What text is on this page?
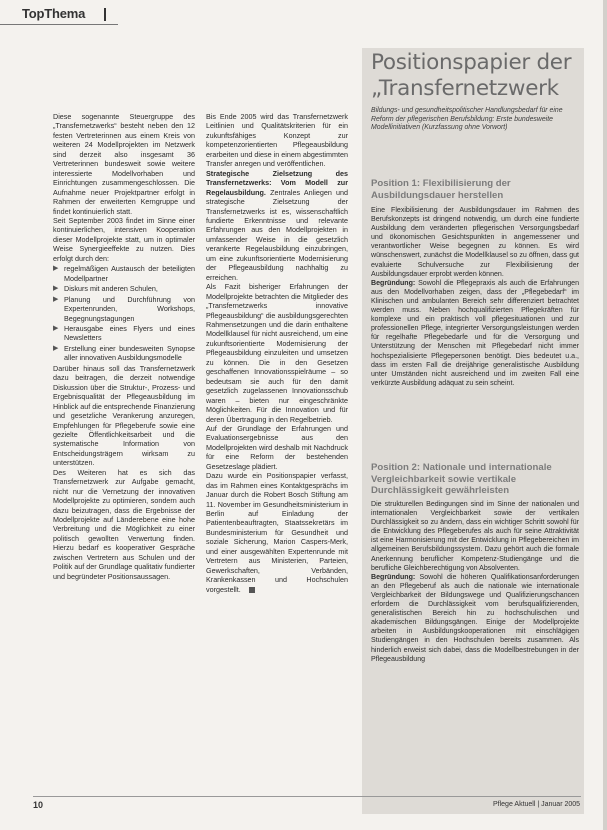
TopThema

Diese sogenannte Steuergruppe des „Transfernetzwerks“ besteht neben den 12 festen Vertreterinnen aus einem Kreis von weiteren 24 Modellprojekten im Netzwerk sind derzeit also insgesamt 36 Vertreterinnen bundesweit sowie weitere interessierte Modellvorhaben und Einrichtungen zusammengeschlossen. Die Aufnahme neuer Projektpartner erfolgt in Rahmen der erweiterten Kerngruppe und findet kontinuierlich statt.

Seit September 2003 findet im Sinne einer kontinuierlichen, intensiven Kooperation dieser Modellprojekte statt, um in optimaler Weise Synergieeffekte zu nutzen. Dies erfolgt durch den:

▶ regelmäßigen Austausch der beteiligten Modellpartner
▶ Diskurs mit anderen Schulen,
▶ Planung und Durchführung von Expertenrunden, Workshops, Begegnungstagungen
▶ Herausgabe eines Flyers und eines Newsletters
▶ Erstellung einer bundesweiten Synopse aller innovativen Ausbildungsmodelle

Darüber hinaus soll das Transfernetzwerk dazu beitragen, die derzeit notwendige Diskussion über die Struktur-, Prozess- und Ergebnisqualität der Pflegeausbildung im Hinblick auf die entsprechende Finanzierung und gesetzliche Verankerung anzuregen, Empfehlungen für Pflegeberufe sowie eine gezielte Öffentlichkeitsarbeit und die systematische Information von Entscheidungsträgern wirksam zu unterstützen.

Des Weiteren hat es sich das Transfernetzwerk zur Aufgabe gemacht, nicht nur die Vernetzung der innovativen Modellprojekte zu optimieren, sondern auch dazu beizutragen, dass die Ergebnisse der Modellprojekte auf Länderebene eine hohe Verbreitung und die Möglichkeit zu einer politisch gewollten Verwertung finden. Hierzu bedarf es kooperativer Gespräche zwischen Vertretern aus Schulen und der Politik auf der Grundlage qualitativ fundierter und begründeter Positionsaussagen.

Bis Ende 2005 wird das Transfernetzwerk Leitlinien und Qualitätskriterien für ein zukunftsfähiges Konzept zur kompetenzorientierten Pflegeausbildung erarbeiten und diese in einem abgestimmten Transfer anregen und veröffentlichen.

Strategische Zielsetzung des Transfernetzwerks: Vom Modell zur Regelausbildung. Zentrales Anliegen und strategische Zielsetzung der Transfernetzwerks ist es, wissenschaftlich fundierte Erkenntnisse und relevante Erfahrungen aus den Modellprojekten in umfassender Weise in die gesetzlich verankerte Regelausbildung einzubringen, um eine zukunftsorientierte Modernisierung der Pflegeausbildung nachhaltig zu erreichen.

Als Fazit bisheriger Erfahrungen der Modellprojekte betrachten die Mitglieder des „Transfernetzwerks innovative Pflegeausbildung“ die ausbildungsgerechten Rahmensetzungen und die darin enthaltene Modellklausel für nicht ausreichend, um eine zukunftsorientierte Modernisierung der Pflegeausbildung einzuleiten und umsetzen zu können. Die in den Gesetzen geschaffenen Innovationsspielräume – so bedeutsam sie auch für den damit gesetzlich zugelassenen Innovationsschub waren – bieten nur eingeschränkte Möglichkeiten. Für die Innovation und für deren Übertragung in den Regelbetrieb.

Auf der Grundlage der Erfahrungen und Evaluationsergebnisse aus den Modellprojekten wird deshalb mit Nachdruck für eine Reform der bestehenden Gesetzeslage plädiert.

Dazu wurde ein Positionspapier verfasst, das im Rahmen eines Kontaktgesprächs im Januar durch die Robert Bosch Stiftung am 11. November im Gesundheitsministerium in Berlin auf Einladung der Patientenbeauftragten, Staatssekretärs im Bundesministerium für Gesundheit und soziale Sicherung, Marion Caspers-Merk, und einer ausgewählten Expertenrunde mit Vertretern aus Ministerien, Parteien, Gewerkschaften, Verbänden, Krankenkassen und Hochschulen vorgestellt.

Positionspapier der
„Transfernetzwerk

Bildungs- und gesundheitspolitischer Handlungsbedarf für eine Reform der pflegerischen Berufsbildung: Erste bundesweite Modellinitiativen (Kurzfassung ohne Vorwort)

Position 1: Flexibilisierung der Ausbildungsdauer herstellen

Eine Flexibilisierung der Ausbildungsdauer im Rahmen des Berufskonzepts ist dringend notwendig, um durch eine fundierte Ausbildung dem veränderten pflegerischen Versorgungsbedarf und ökonomischen Gesichtspunkten in angemessener und verantwortlicher Weise begegnen zu können. Es wird wünschenswert, zunächst die Modellklausel so zu öffnen, dass gut evaluierte Schulversuche zur Flexibilisierung der Ausbildungsdauer erprobt werden können.

Begründung: Sowohl die Pflegepraxis als auch die Erfahrungen aus den Modellvorhaben zeigen, dass der „Pflegebedarf“ im Klinischen und ambulanten Bereich sehr differenziert betrachtet werden muss. Neben hochqualifizierten Pflegekräften für komplexe und ein praktisch voll pflegesituationen und zur professionellen Pflege, integrierter Versorgungsleistungen werden für regelhafte Pflegebedarfe und für die Versorgung und Unterstützung der Menschen mit Pflegebedarf nicht immer hochspezialisierte Pflegepersonen benötigt. Dies bedeutet u.a., dass im ersten Fall die dreijährige generalistische Ausbildung unter Umständen nicht ausreichend und im zweiten Fall eine verkürzte Ausbildung adäquat zu sein scheint.

Position 2: Nationale und internationale Vergleichbarkeit sowie vertikale Durchlässigkeit gewährleisten

Die strukturellen Bedingungen sind im Sinne der nationalen und internationalen Vergleichbarkeit sowie der vertikalen Durchlässigkeit so zu ändern, dass ein wichtiger Schritt sowohl für die Entwicklung des Pflegeberufes als auch für seine Attraktivität ist eine Harmonisierung mit der Entwicklung in Pflegebereichen im allgemeinen Berufsbildungssystem. Dazu gehört auch die formale Anerkennung beruflicher Kompetenz-Studiengänge und die berufliche Gleichberechtigung von Absolventen.

Begründung: Sowohl die höheren Qualifikationsanforderungen an den Pflegeberuf als auch die nationale wie internationale Vergleichbarkeit der Bildungswege und Qualifizierungschancen erfordern die Durchlässigkeit vom berufsqualifizierenden, generalistischen Bereich hin zu hochschulischen und akademischen Bildungsgängen. Einige der Modellprojekte arbeiten in Ausbildungskooperationen mit einschlägigen Studiengängen in den Hochschulen bereits zusammen. Als hinderlich erweist sich dabei, dass die Modellbestrebungen in der Pflegeausbildung

10	Pflege Aktuell | Januar 2005
